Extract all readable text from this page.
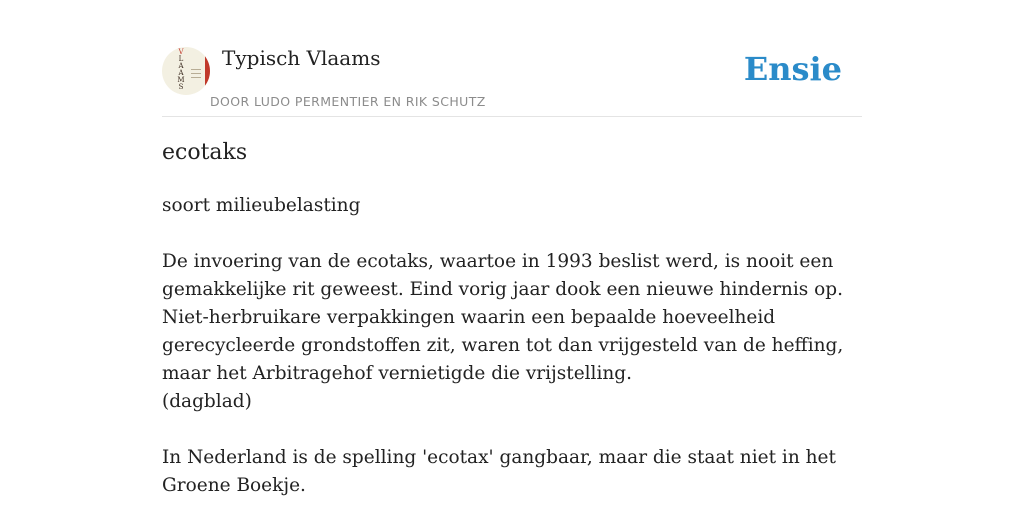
V
L
A
A
M
S
Typisch Vlaams
DOOR LUDO PERMENTIER EN RIK SCHUTZ
Ensie
ecotaks

soort milieubelasting

De invoering van de ecotaks, waartoe in 1993 beslist werd, is nooit een gemakkelijke rit geweest. Eind vorig jaar dook een nieuwe hindernis op. Niet-herbruikare verpakkingen waarin een bepaalde hoeveelheid gerecycleerde grondstoffen zit, waren tot dan vrijgesteld van de heffing, maar het Arbitragehof vernietigde die vrijstelling.
(dagblad)

In Nederland is de spelling 'ecotax' gangbaar, maar die staat niet in het Groene Boekje.
